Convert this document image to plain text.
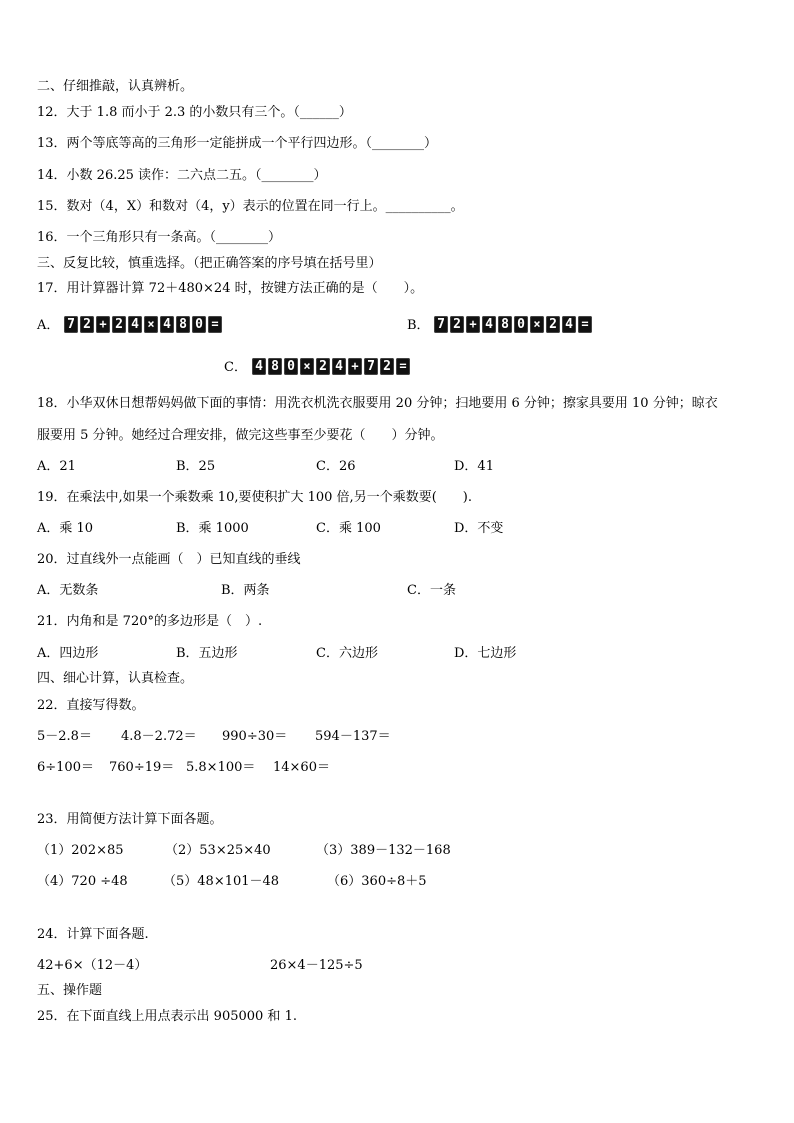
二、仔细推敲，认真辨析。
12．大于 1.8 而小于 2.3 的小数只有三个。（______）
13．两个等底等高的三角形一定能拼成一个平行四边形。（________）
14．小数 26.25 读作：二六点二五。（________）
15．数对（4，X）和数对（4，y）表示的位置在同一行上。__________。
16．一个三角形只有一条高。（________）
三、反复比较，慎重选择。（把正确答案的序号填在括号里）
17．用计算器计算 72＋480×24 时，按键方法正确的是（　　）。
A． 7 2 + 2 4 × 4 8 0 =	B． 7 2 + 4 8 0 × 2 4 =
C． 4 8 0 × 2 4 + 7 2 =
18．小华双休日想帮妈妈做下面的事情：用洗衣机洗衣服要用 20 分钟；扫地要用 6 分钟；擦家具要用 10 分钟；晾衣
服要用 5 分钟。她经过合理安排，做完这些事至少要花（　　）分钟。
A．21	B．25	C．26	D．41
19．在乘法中,如果一个乘数乘 10,要使积扩大 100 倍,另一个乘数要(　　).
A．乘 10	B．乘 1000	C．乘 100	D．不变
20．过直线外一点能画（　）已知直线的垂线
A．无数条	B．两条	C．一条
21．内角和是 720°的多边形是（　）.
A．四边形	B．五边形	C．六边形	D．七边形
四、细心计算，认真检查。
22．直接写得数。
5－2.8＝ 4.8－2.72＝ 990÷30＝ 594－137＝
6÷100＝ 760÷19＝ 5.8×100＝ 14×60＝
23．用简便方法计算下面各题。
（1）202×85	（2）53×25×40	（3）389－132－168
（4）720 ÷48	（5）48×101－48	（6）360÷8＋5
24．计算下面各题.
42+6×（12－4）	26×4－125÷5
五、操作题
25．在下面直线上用点表示出 905000 和 1.
